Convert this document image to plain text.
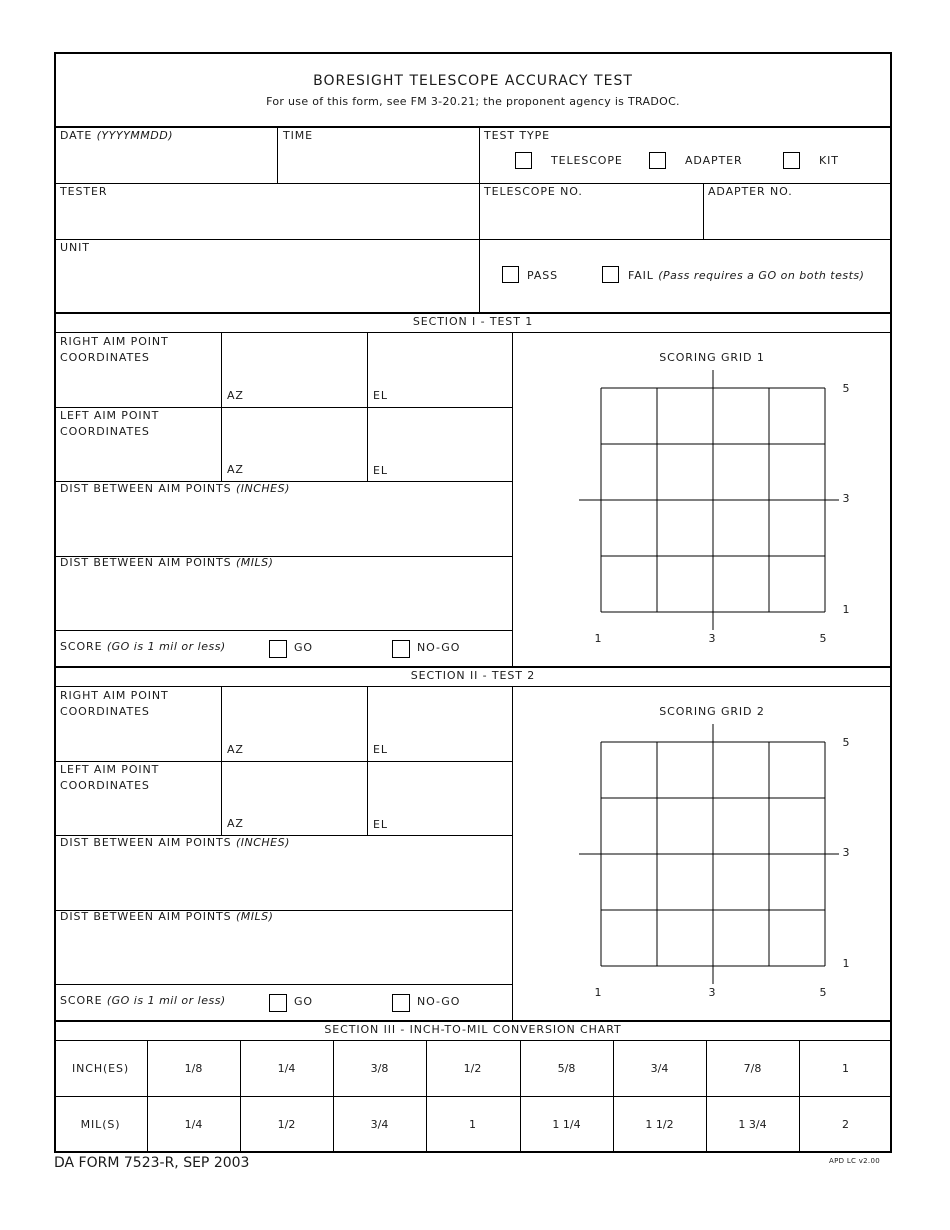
BORESIGHT TELESCOPE ACCURACY TEST
For use of this form, see FM 3-20.21; the proponent agency is TRADOC.
DATE (YYYYMMDD)	TIME	TEST TYPE
TELESCOPE	ADAPTER	KIT
TESTER	TELESCOPE NO.	ADAPTER NO.
UNIT
PASS	FAIL (Pass requires a GO on both tests)
SECTION I - TEST 1
RIGHT AIM POINT
COORDINATES
AZ	EL
LEFT AIM POINT
COORDINATES
AZ	EL
DIST BETWEEN AIM POINTS (INCHES)
DIST BETWEEN AIM POINTS (MILS)
SCORE (GO is 1 mil or less)	GO	NO-GO
SCORING GRID 1
1	3	5
5
3
1
SECTION II - TEST 2
RIGHT AIM POINT
COORDINATES
AZ	EL
LEFT AIM POINT
COORDINATES
AZ	EL
DIST BETWEEN AIM POINTS (INCHES)
DIST BETWEEN AIM POINTS (MILS)
SCORE (GO is 1 mil or less)	GO	NO-GO
SCORING GRID 2
1	3	5
5
3
1
SECTION III - INCH-TO-MIL CONVERSION CHART
INCH(ES)	1/8	1/4	3/8	1/2	5/8	3/4	7/8	1
MIL(S)	1/4	1/2	3/4	1	1 1/4	1 1/2	1 3/4	2
DA FORM 7523-R, SEP 2003	APD LC v2.00
